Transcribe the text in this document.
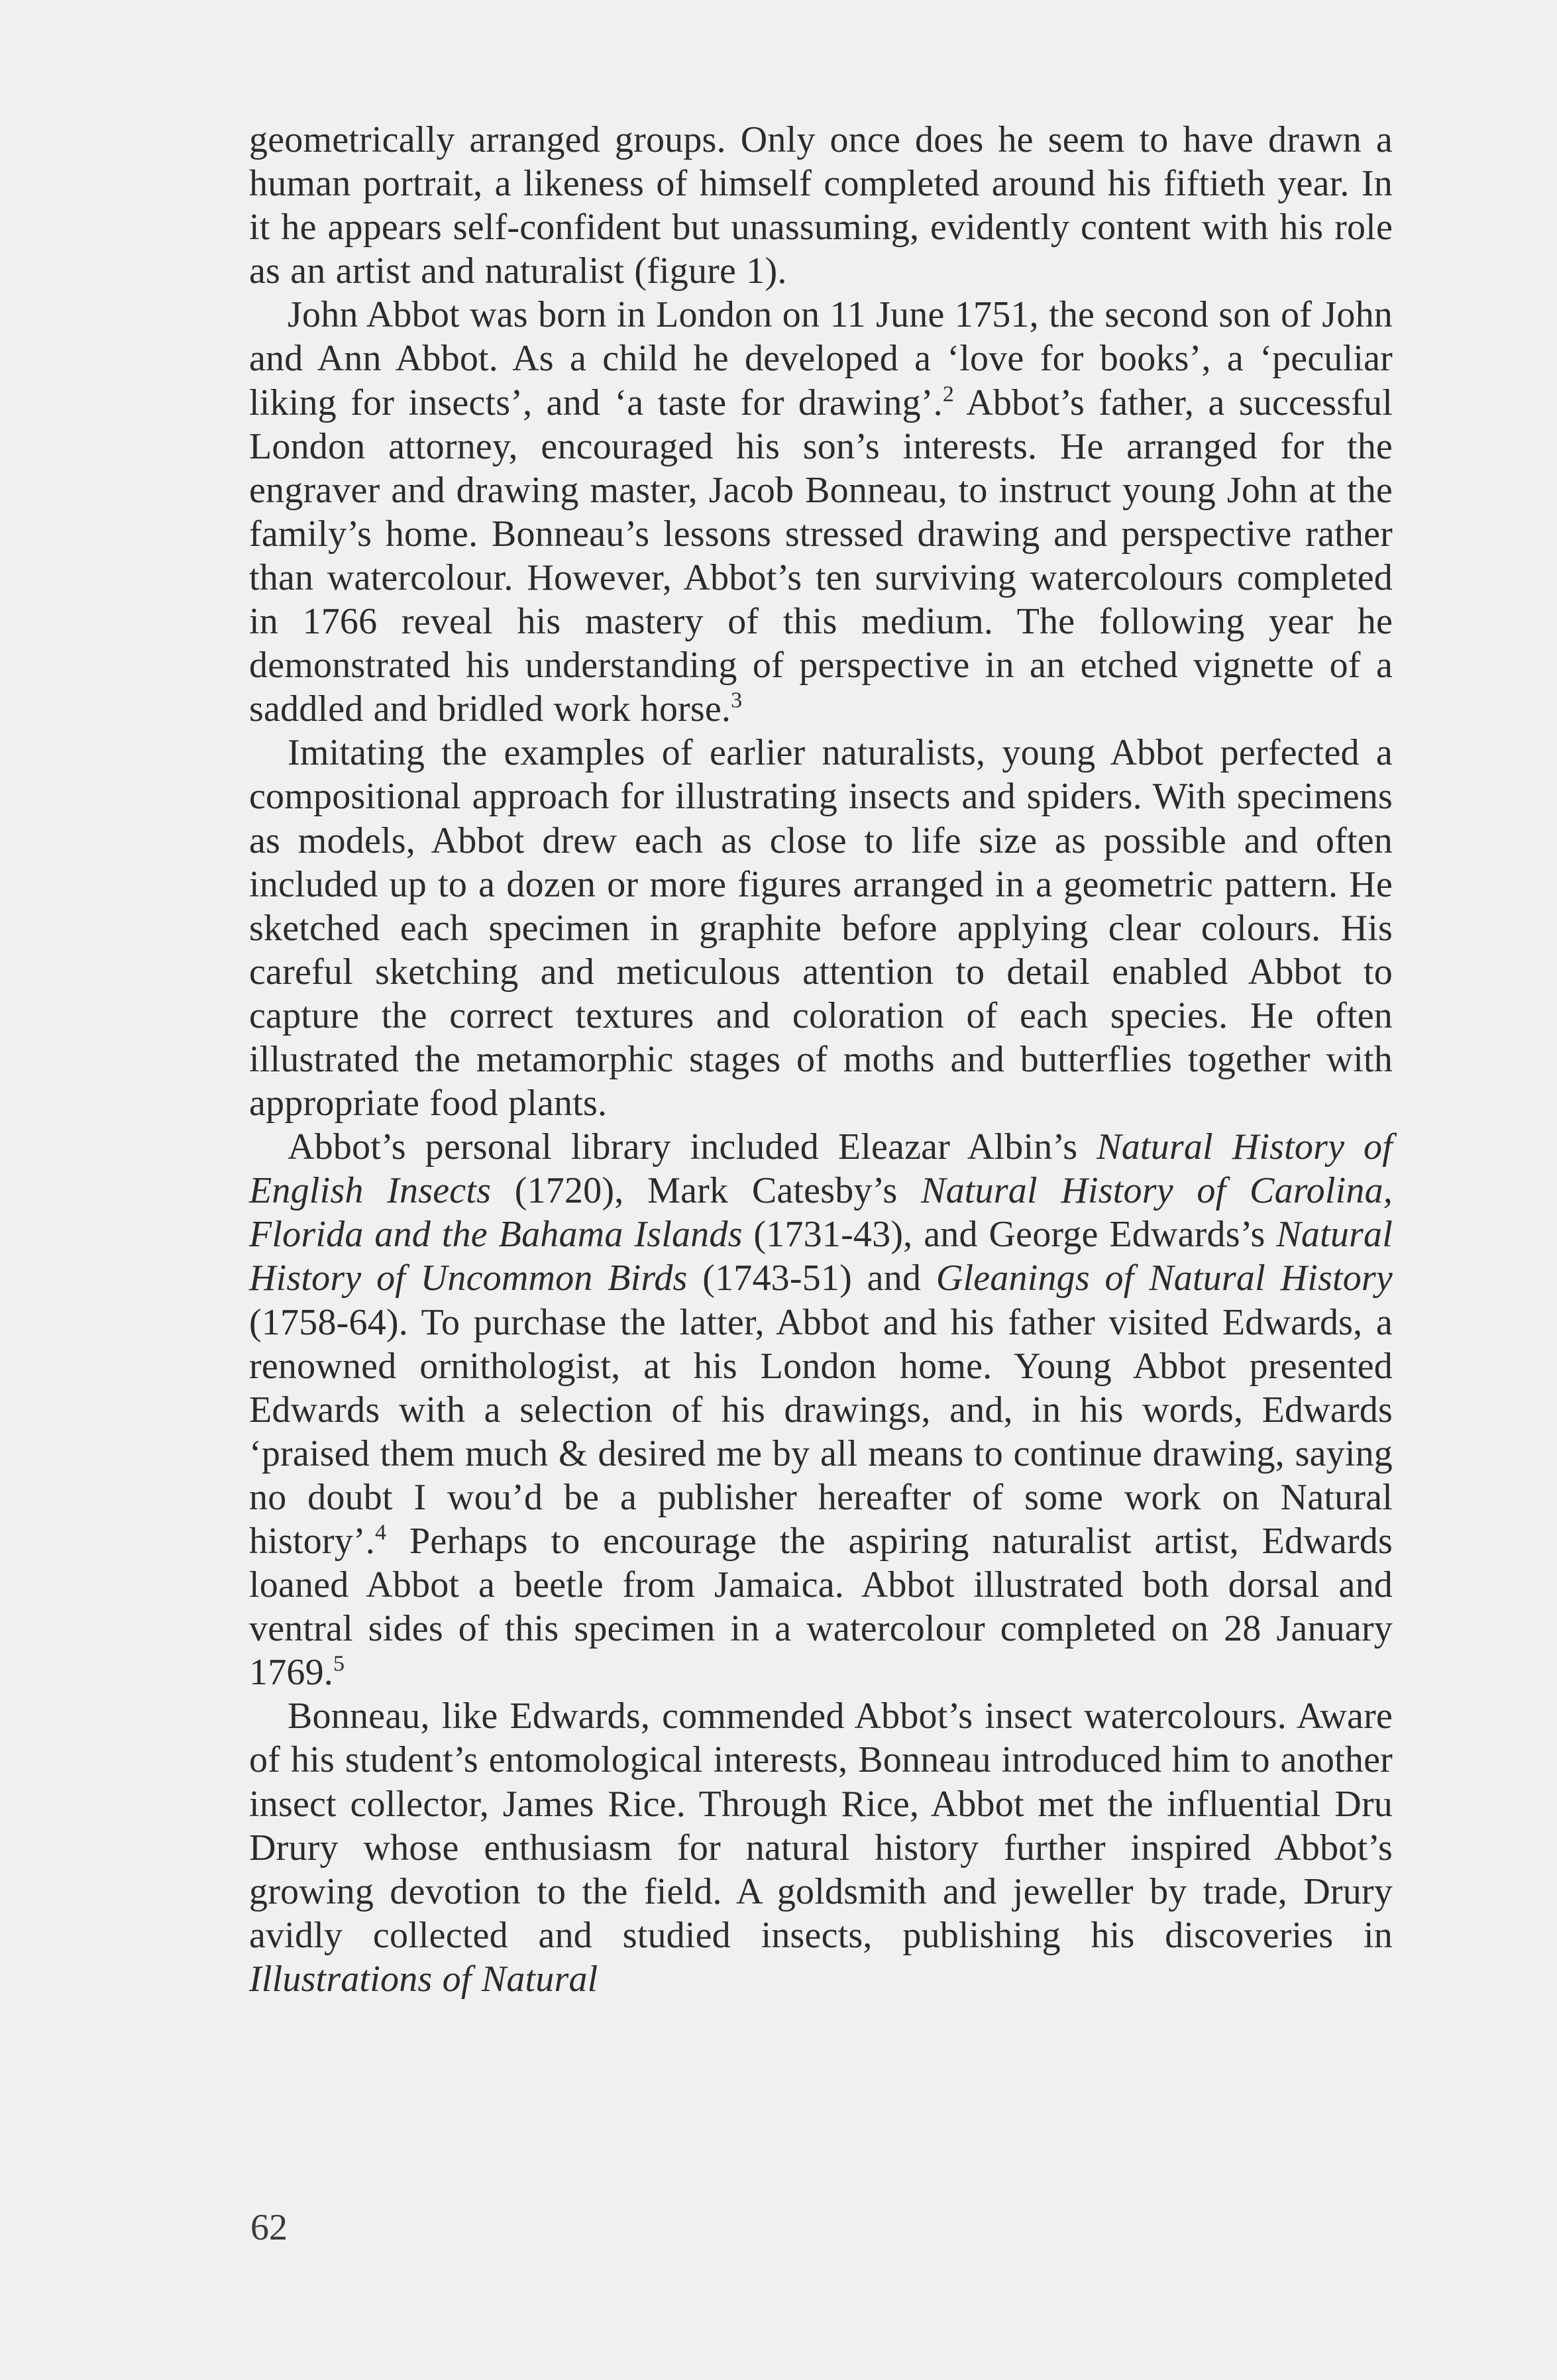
geometrically arranged groups. Only once does he seem to have drawn a human portrait, a likeness of himself completed around his fiftieth year. In it he appears self-confident but unassuming, evidently content with his role as an artist and naturalist (figure 1).

John Abbot was born in London on 11 June 1751, the second son of John and Ann Abbot. As a child he developed a ‘love for books’, a ‘peculiar liking for insects’, and ‘a taste for drawing’.$^2$ Abbot’s father, a successful London attorney, encouraged his son’s interests. He arranged for the engraver and drawing master, Jacob Bonneau, to instruct young John at the family’s home. Bonneau’s lessons stressed drawing and perspective rather than watercolour. However, Abbot’s ten surviving watercolours completed in 1766 reveal his mastery of this medium. The following year he demonstrated his understanding of perspective in an etched vignette of a saddled and bridled work horse.$^3$

Imitating the examples of earlier naturalists, young Abbot perfected a compositional approach for illustrating insects and spiders. With specimens as models, Abbot drew each as close to life size as possible and often included up to a dozen or more figures arranged in a geometric pattern. He sketched each specimen in graphite before applying clear colours. His careful sketching and meticulous attention to detail enabled Abbot to capture the correct textures and coloration of each species. He often illustrated the metamorphic stages of moths and butterflies together with appropriate food plants.

Abbot’s personal library included Eleazar Albin’s Natural History of English Insects (1720), Mark Catesby’s Natural History of Carolina, Florida and the Bahama Islands (1731-43), and George Edwards’s Natural History of Uncommon Birds (1743-51) and Gleanings of Natural History (1758-64). To purchase the latter, Abbot and his father visited Edwards, a renowned ornithologist, at his London home. Young Abbot presented Edwards with a selection of his drawings, and, in his words, Edwards ‘praised them much & desired me by all means to continue drawing, saying no doubt I wou’d be a publisher hereafter of some work on Natural history’.$^4$ Perhaps to encourage the aspiring naturalist artist, Edwards loaned Abbot a beetle from Jamaica. Abbot illustrated both dorsal and ventral sides of this specimen in a watercolour completed on 28 January 1769.$^5$

Bonneau, like Edwards, commended Abbot’s insect watercolours. Aware of his student’s entomological interests, Bonneau introduced him to another insect collector, James Rice. Through Rice, Abbot met the influential Dru Drury whose enthusiasm for natural history further inspired Abbot’s growing devotion to the field. A goldsmith and jeweller by trade, Drury avidly collected and studied insects, publishing his discoveries in Illustrations of Natural

62
